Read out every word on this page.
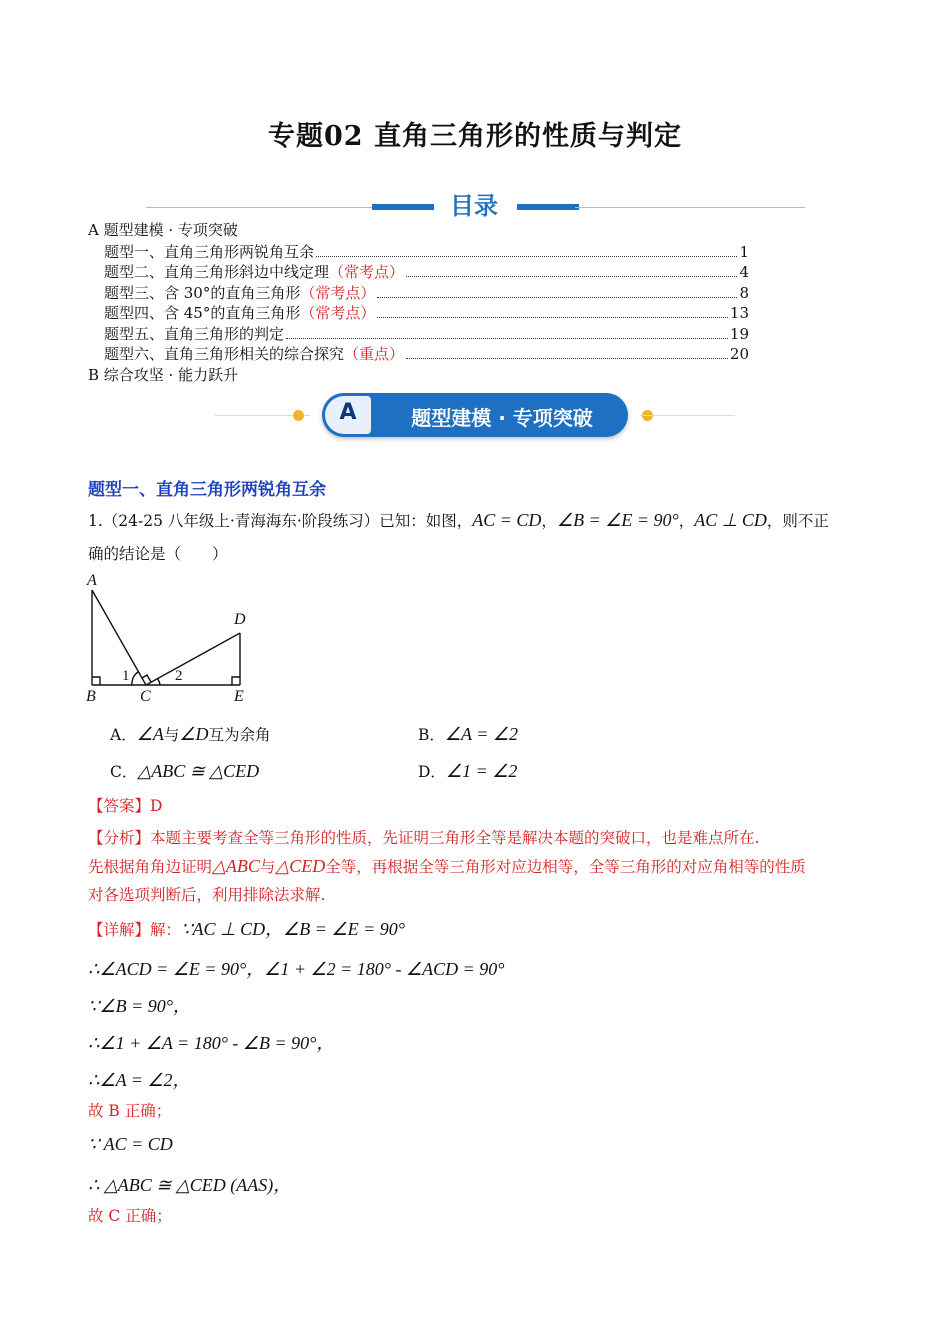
专题02 直角三角形的性质与判定
目录
A 题型建模 · 专项突破
题型一、直角三角形两锐角互余	1
题型二、直角三角形斜边中线定理 （常考点）	4
题型三、含 30°的直角三角形 （常考点）	8
题型四、含 45°的直角三角形 （常考点）	13
题型五、直角三角形的判定	19
题型六、直角三角形相关的综合探究 （重点）	20
B 综合攻坚 · 能力跃升
A	题型建模 · 专项突破
题型一、直角三角形两锐角互余
1.（24-25 八年级上·青海海东·阶段练习）已知：如图，AC = CD，∠B = ∠E = 90°，AC ⊥ CD，则不正
确的结论是（　　）
A
B	C
D
E
1	2
A．∠A与∠D互为余角	B．∠A = ∠2
C．△ABC ≅ △CED	D．∠1 = ∠2
【答案】D
【分析】本题主要考查全等三角形的性质，先证明三角形全等是解决本题的突破口，也是难点所在.
先根据角角边证明△ABC与△CED全等，再根据全等三角形对应边相等，全等三角形的对应角相等的性质
对各选项判断后，利用排除法求解.
【详解】解：∵AC ⊥ CD，∠B = ∠E = 90°
∴∠ACD = ∠E = 90°，∠1 + ∠2 = 180° - ∠ACD = 90°
∵∠B = 90°，
∴∠1 + ∠A = 180° - ∠B = 90°，
∴∠A = ∠2，
故 B 正确；
∵ AC = CD
∴ △ABC ≅ △CED (AAS)，
故 C 正确；
